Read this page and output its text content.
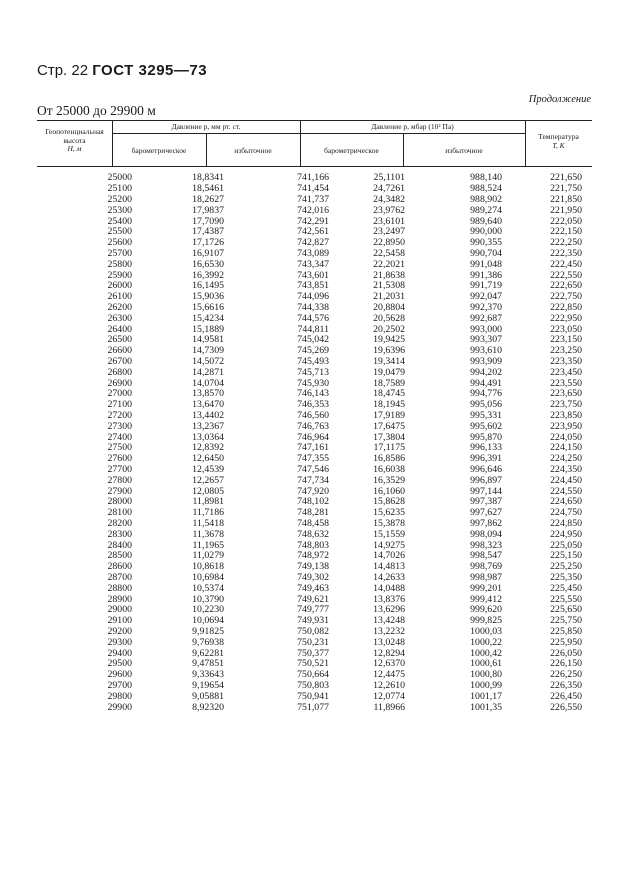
Стр. 22 ГОСТ 3295—73
Продолжение
От 25000 до 29900 м
Геопотенциальная
высота
H, м
Давление p, мм рт. ст.	Давление p, мбар (10² Па)
барометрическое	избыточное	барометрическое	избыточное
Температура
T, К
25000	18,8341	741,166	25,1101	988,140	221,650
25100	18,5461	741,454	24,7261	988,524	221,750
25200	18,2627	741,737	24,3482	988,902	221,850
25300	17,9837	742,016	23,9762	989,274	221,950
25400	17,7090	742,291	23,6101	989,640	222,050
25500	17,4387	742,561	23,2497	990,000	222,150
25600	17,1726	742,827	22,8950	990,355	222,250
25700	16,9107	743,089	22,5458	990,704	222,350
25800	16,6530	743,347	22,2021	991,048	222,450
25900	16,3992	743,601	21,8638	991,386	222,550
26000	16,1495	743,851	21,5308	991,719	222,650
26100	15,9036	744,096	21,2031	992,047	222,750
26200	15,6616	744,338	20,8804	992,370	222,850
26300	15,4234	744,576	20,5628	992,687	222,950
26400	15,1889	744,811	20,2502	993,000	223,050
26500	14,9581	745,042	19,9425	993,307	223,150
26600	14,7309	745,269	19,6396	993,610	223,250
26700	14,5072	745,493	19,3414	993,909	223,350
26800	14,2871	745,713	19,0479	994,202	223,450
26900	14,0704	745,930	18,7589	994,491	223,550
27000	13,8570	746,143	18,4745	994,776	223,650
27100	13,6470	746,353	18,1945	995,056	223,750
27200	13,4402	746,560	17,9189	995,331	223,850
27300	13,2367	746,763	17,6475	995,602	223,950
27400	13,0364	746,964	17,3804	995,870	224,050
27500	12,8392	747,161	17,1175	996,133	224,150
27600	12,6450	747,355	16,8586	996,391	224,250
27700	12,4539	747,546	16,6038	996,646	224,350
27800	12,2657	747,734	16,3529	996,897	224,450
27900	12,0805	747,920	16,1060	997,144	224,550
28000	11,8981	748,102	15,8628	997,387	224,650
28100	11,7186	748,281	15,6235	997,627	224,750
28200	11,5418	748,458	15,3878	997,862	224,850
28300	11,3678	748,632	15,1559	998,094	224,950
28400	11,1965	748,803	14,9275	998,323	225,050
28500	11,0279	748,972	14,7026	998,547	225,150
28600	10,8618	749,138	14,4813	998,769	225,250
28700	10,6984	749,302	14,2633	998,987	225,350
28800	10,5374	749,463	14,0488	999,201	225,450
28900	10,3790	749,621	13,8376	999,412	225,550
29000	10,2230	749,777	13,6296	999,620	225,650
29100	10,0694	749,931	13,4248	999,825	225,750
29200	9,91825	750,082	13,2232	1000,03	225,850
29300	9,76938	750,231	13,0248	1000,22	225,950
29400	9,62281	750,377	12,8294	1000,42	226,050
29500	9,47851	750,521	12,6370	1000,61	226,150
29600	9,33643	750,664	12,4475	1000,80	226,250
29700	9,19654	750,803	12,2610	1000,99	226,350
29800	9,05881	750,941	12,0774	1001,17	226,450
29900	8,92320	751,077	11,8966	1001,35	226,550
